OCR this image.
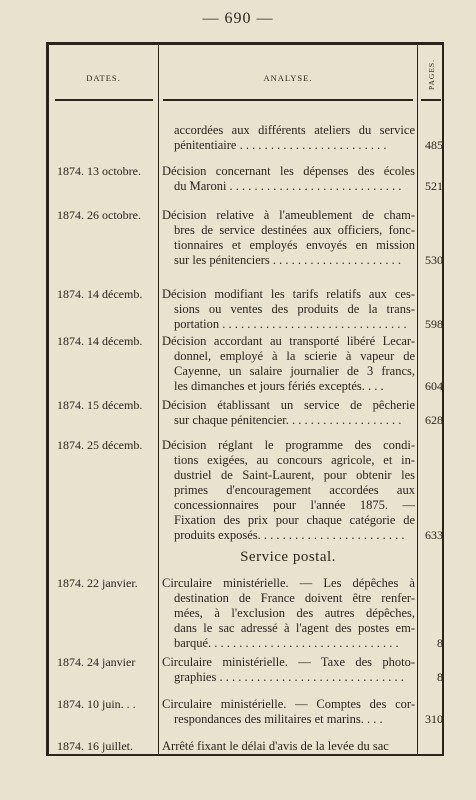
— 690 —
DATES.	ANALYSE.	PAGES.
Service postal.
accordées aux différents ateliers du service
pénitentiaire . . . . . . . . . . . . . . . . . . . . . . . .	485
1874. 13 octobre.	Décision concernant les dépenses des écoles
du Maroni . . . . . . . . . . . . . . . . . . . . . . . . . . . .	521
1874. 26 octobre.	Décision relative à l'ameublement de cham-
bres de service destinées aux officiers, fonc-
tionnaires et employés envoyés en mission
sur les pénitenciers . . . . . . . . . . . . . . . . . . . . .	530
1874. 14 décemb.	Décision modifiant les tarifs relatifs aux ces-
sions ou ventes des produits de la trans-
portation . . . . . . . . . . . . . . . . . . . . . . . . . . . . . .	598
1874. 14 décemb.	Décision accordant au transporté libéré Lecar-
donnel, employé à la scierie à vapeur de
Cayenne, un salaire journalier de 3 francs,
les dimanches et jours fériés exceptés. . . .	604
1874. 15 décemb.	Décision établissant un service de pêcherie
sur chaque pénitencier. . . . . . . . . . . . . . . . . . .	628
1874. 25 décemb.	Décision réglant le programme des condi-
tions exigées, au concours agricole, et in-
dustriel de Saint-Laurent, pour obtenir les
primes d'encouragement accordées aux
concessionnaires pour l'année 1875. —
Fixation des prix pour chaque catégorie de
produits exposés. . . . . . . . . . . . . . . . . . . . . . . .	633
1874. 22 janvier.	Circulaire ministérielle. — Les dépêches à
destination de France doivent être renfer-
mées, à l'exclusion des autres dépêches,
dans le sac adressé à l'agent des postes em-
barqué. . . . . . . . . . . . . . . . . . . . . . . . . . . . . . .	8
1874. 24 janvier	Circulaire ministérielle. — Taxe des photo-
graphies . . . . . . . . . . . . . . . . . . . . . . . . . . . . . .	8
1874. 10 juin. . .	Circulaire ministérielle. — Comptes des cor-
respondances des militaires et marins. . . .	310
1874. 16 juillet.	Arrêté fixant le délai d'avis de la levée du sac
